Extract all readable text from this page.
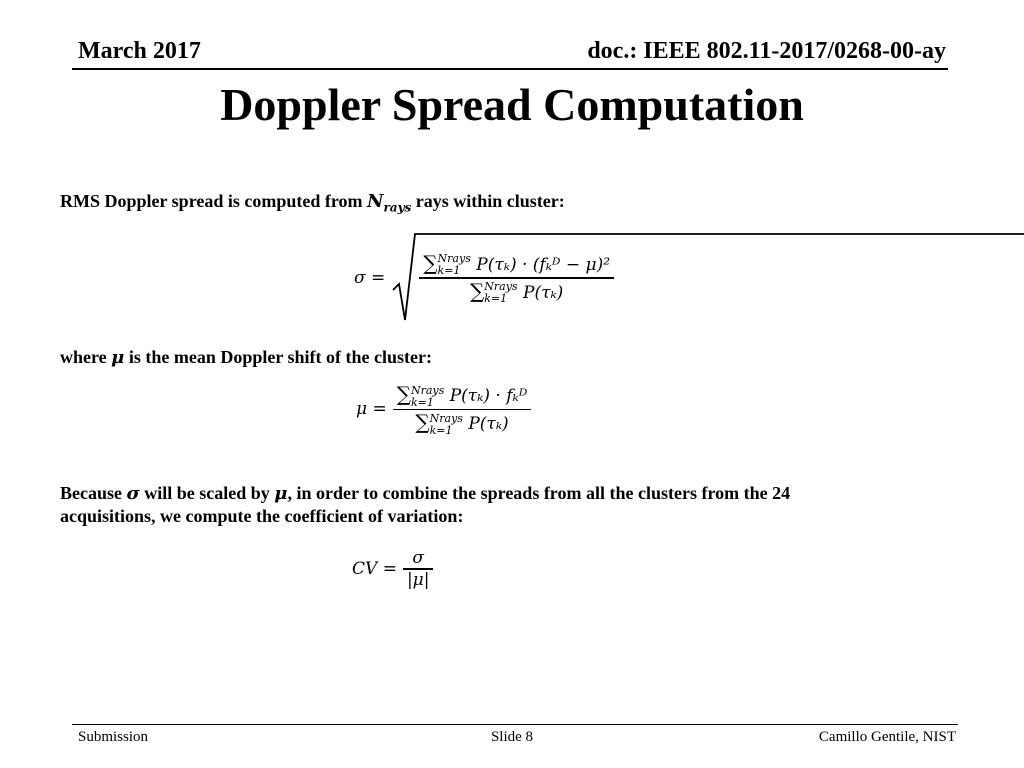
March 2017	doc.: IEEE 802.11-2017/0268-00-ay
Doppler Spread Computation
RMS Doppler spread is computed from $N_{rays}$ rays within cluster:
σ = ∑ Nrays
k=1 P(τₖ) · (fₖᴰ − μ)²
∑ Nrays
k=1 P(τₖ)
where μ is the mean Doppler shift of the cluster:
μ = ∑ Nrays
k=1 P(τₖ) · fₖᴰ
∑ Nrays
k=1 P(τₖ)
Because σ will be scaled by μ, in order to combine the spreads from all the clusters from the 24 acquisitions, we compute the coefficient of variation:
CV = $\frac{\sigma}{|\mu|}$
Submission	Slide 8	Camillo Gentile, NIST
